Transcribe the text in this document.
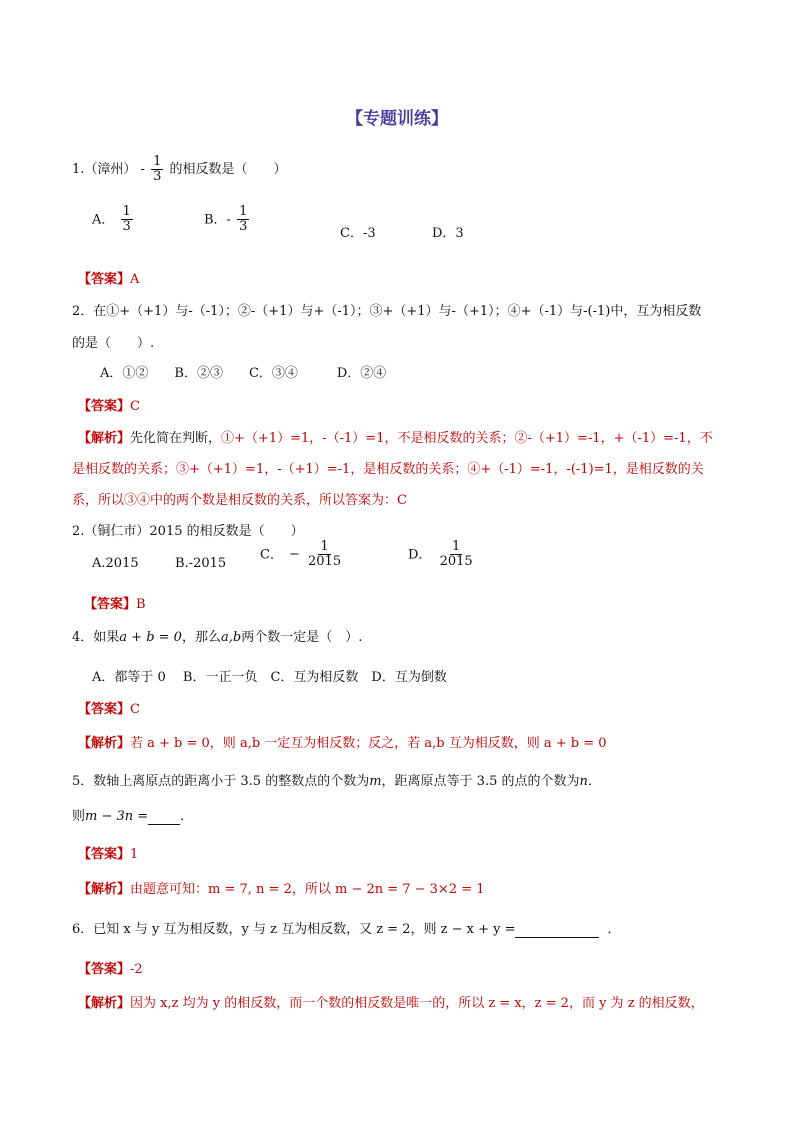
【专题训练】
1.（漳州） - $\frac{1}{3}$ 的相反数是（　　）
A． $\frac{1}{3}$	B．- $\frac{1}{3}$	C．-3	D．3
【答案】A
2．在①+（+1）与-（-1）；②-（+1）与+（-1）；③+（+1）与-（+1）；④+（-1）与-(-1)中，互为相反数
的是（　　）.
A．①②　　B．②③　　C．③④　　　D．②④
【答案】C
【解析】先化简在判断，①+（+1）=1，-（-1）=1，不是相反数的关系；②-（+1）=-1，+（-1）=-1，不
是相反数的关系；③+（+1）=1，-（+1）=-1，是相反数的关系；④+（-1）=-1，-(-1)=1，是相反数的关
系，所以③④中的两个数是相反数的关系，所以答案为：C
2.（铜仁市）2015 的相反数是（　　）
A.2015	B.-2015
C． − $\frac{1}{2015}$	D． $\frac{1}{2015}$
【答案】B
4．如果a + b = 0，那么a,b两个数一定是（　）.
A．都等于 0　 B．一正一负　C．互为相反数　D．互为倒数
【答案】C
【解析】若 a + b = 0，则 a,b 一定互为相反数；反之，若 a,b 互为相反数，则 a + b = 0
5．数轴上离原点的距离小于 3.5 的整数点的个数为m，距离原点等于 3.5 的点的个数为n．
则m − 3n = ．
【答案】1
【解析】由题意可知：m = 7, n = 2，所以 m − 2n = 7 − 3×2 = 1
6．已知 x 与 y 互为相反数，y 与 z 互为相反数，又 z = 2，则 z − x + y =	．
【答案】-2
【解析】因为 x,z 均为 y 的相反数，而一个数的相反数是唯一的，所以 z = x，z = 2，而 y 为 z 的相反数，
